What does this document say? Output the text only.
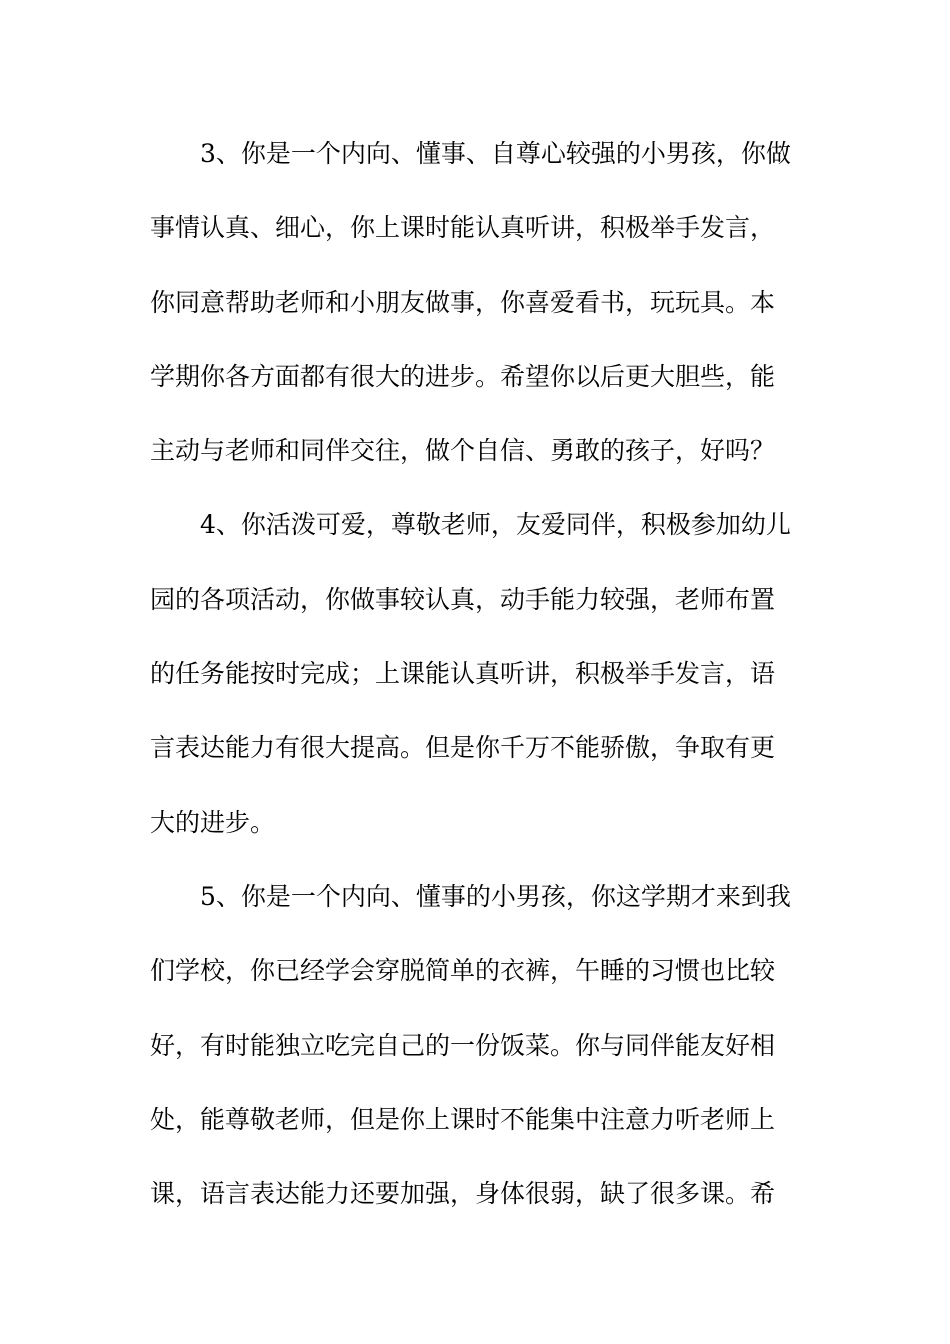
3、你是一个内向、懂事、自尊心较强的小男孩，你做
事情认真、细心，你上课时能认真听讲，积极举手发言，
你同意帮助老师和小朋友做事，你喜爱看书，玩玩具。本
学期你各方面都有很大的进步。希望你以后更大胆些，能
主动与老师和同伴交往，做个自信、勇敢的孩子，好吗？
4、你活泼可爱，尊敬老师，友爱同伴，积极参加幼儿
园的各项活动，你做事较认真，动手能力较强，老师布置
的任务能按时完成；上课能认真听讲，积极举手发言，语
言表达能力有很大提高。但是你千万不能骄傲，争取有更
大的进步。
5、你是一个内向、懂事的小男孩，你这学期才来到我
们学校，你已经学会穿脱简单的衣裤，午睡的习惯也比较
好，有时能独立吃完自己的一份饭菜。你与同伴能友好相
处，能尊敬老师，但是你上课时不能集中注意力听老师上
课，语言表达能力还要加强，身体很弱，缺了很多课。希
